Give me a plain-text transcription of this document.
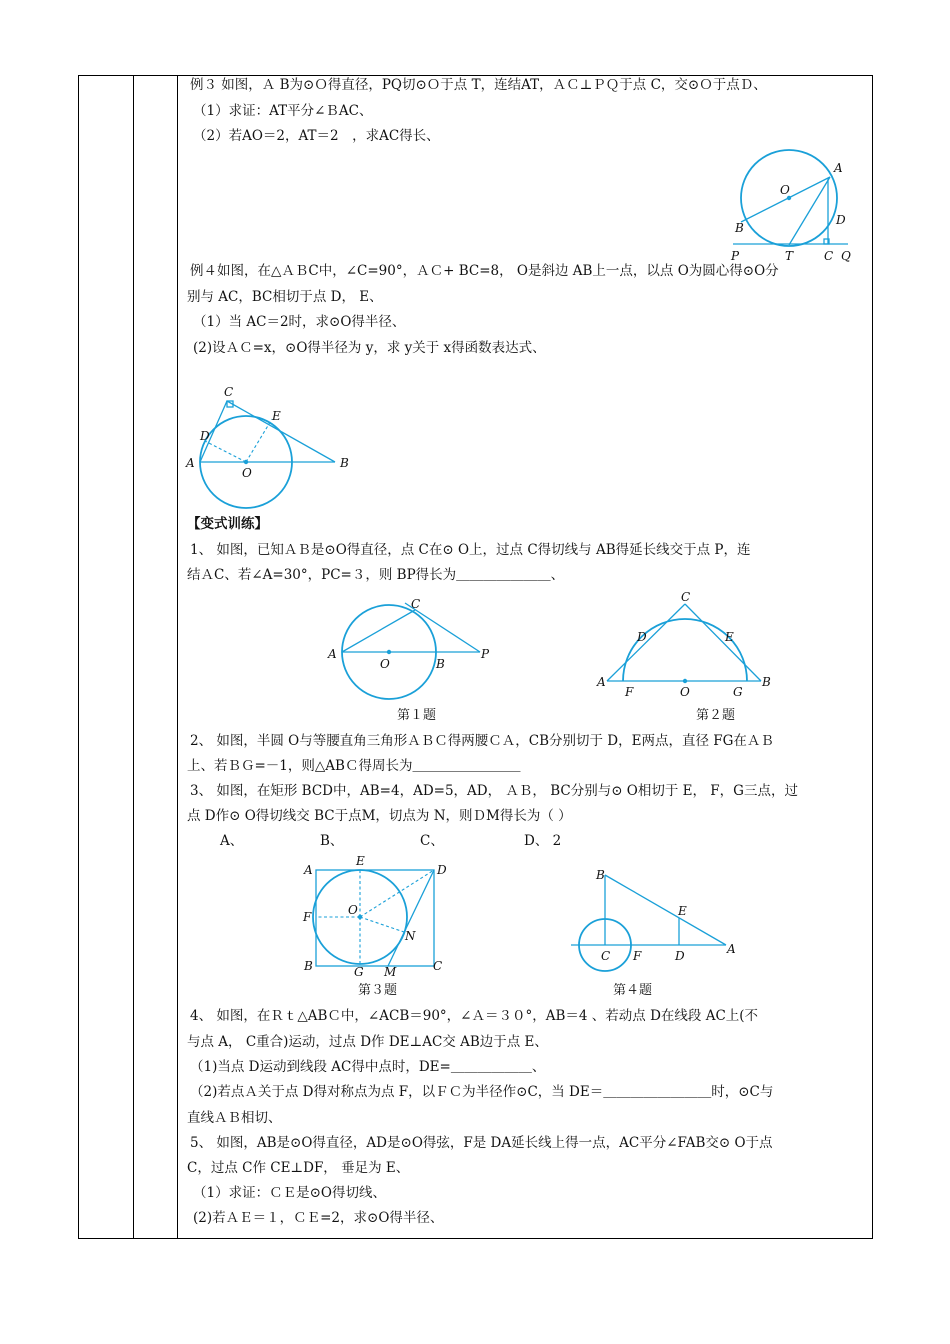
例３ 如图，Ａ B为⊙Ｏ得直径，PQ切⊙Ｏ于点 T，连结AT，ＡＣ⊥ＰＱ于点 C，交⊙Ｏ于点Ｄ、
（1）求证：AT平分∠ＢAC、
（2）若AO＝2，AT＝2　，求AC得长、
A
O
D
B
P	T	C Q
例４如图，在△ＡＢC中，∠C=90°，ＡＣ+ BC=8， O是斜边 AB上一点，以点 O为圆心得⊙O分
别与 AC，BC相切于点 D， E、
（1）当 AC＝2时，求⊙O得半径、
(2)设ＡＣ=x，⊙O得半径为 y，求 y关于 x得函数表达式、
C
E
D
A
O
B
【变式训练】
1、 如图，已知ＡＢ是⊙O得直径，点 C在⊙ O上，过点 C得切线与 AB得延长线交于点 P，连
结ＡC、若∠A=30°，PC=３，则 BP得长为＿＿＿＿＿＿＿、
C
A
O	B
P
第１题
C
D	E
A
F	O	G
B
第２题
2、 如图，半圆 O与等腰直角三角形ＡＢＣ得两腰ＣＡ，CB分别切于 D，E两点，直径 FG在ＡＢ
上、若ＢＧ=－1，则△ABＣ得周长为＿＿＿＿＿＿＿＿
3、 如图，在矩形 BCD中，AB=4，AD=5，AD， ＡＢ， BC分别与⊙ O相切于 E， F，G三点，过
点 D作⊙ O得切线交 BC于点M，切点为 N，则ＤM得长为（ ）
A、	B、	C、	D、 2
A
E
D
F	O
N
B	G M	C
第３题
B
E
C F	D	A
第４题
4、 如图，在Ｒｔ△ABＣ中，∠ACB＝90°，∠Ａ＝３０°，AB＝4 、若动点 D在线段 AC上(不
与点 A， C重合)运动，过点 D作 DE⊥AC交 AB边于点 E、
（1)当点 D运动到线段 AC得中点时，DE=＿＿＿＿＿＿、
（2)若点Ａ关于点 D得对称点为点 F，以ＦＣ为半径作⊙C，当 DE＝＿＿＿＿＿＿＿＿时，⊙C与
直线ＡＢ相切、
5、 如图，AB是⊙O得直径，AD是⊙O得弦，F是 DA延长线上得一点，AC平分∠FAB交⊙ O于点
C，过点 C作 CE⊥DF， 垂足为 E、
（1）求证：ＣＥ是⊙O得切线、
(2)若ＡＥ＝１，ＣＥ=2，求⊙O得半径、
